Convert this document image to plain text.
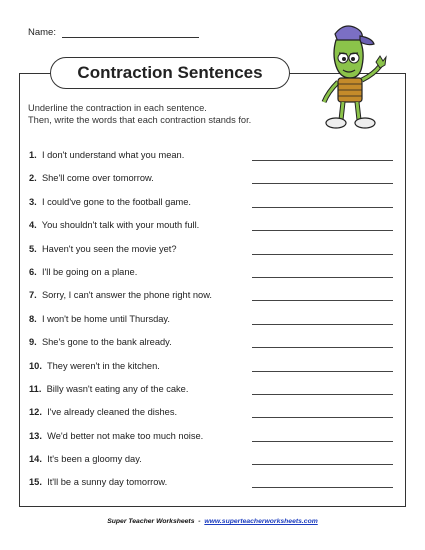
Name:
Contraction Sentences
Underline the contraction in each sentence.
Then, write the words that each contraction stands for.
1. I don't understand what you mean.
2. She'll come over tomorrow.
3. I could've gone to the football game.
4. You shouldn't talk with your mouth full.
5. Haven't you seen the movie yet?
6. I'll be going on a plane.
7. Sorry, I can't answer the phone right now.
8. I won't be home until Thursday.
9. She's gone to the bank already.
10. They weren't in the kitchen.
11. Billy wasn't eating any of the cake.
12. I've already cleaned the dishes.
13. We'd better not make too much noise.
14. It's been a gloomy day.
15. It'll be a sunny day tomorrow.
Super Teacher Worksheets - www.superteacherworksheets.com
